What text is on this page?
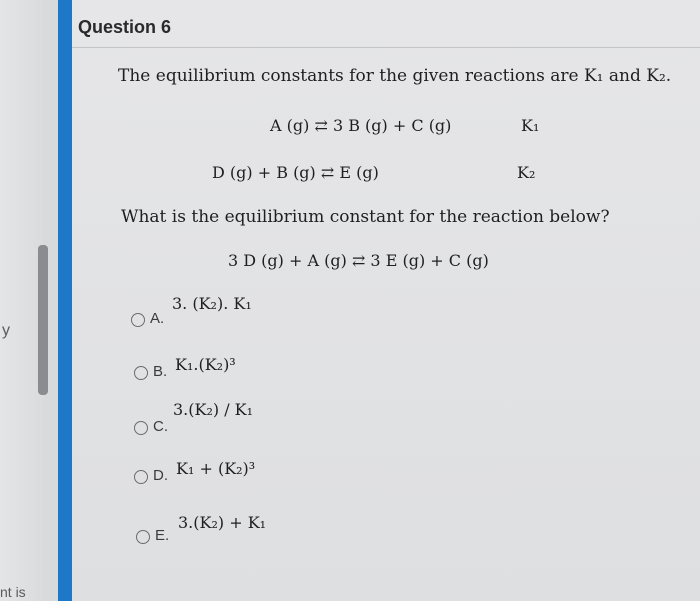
y
nt is
Question 6
The equilibrium constants for the given reactions are K₁ and K₂.
A (g) ⇄ 3 B (g) + C (g)	K₁
D (g) + B (g) ⇄ E (g)	K₂
What is the equilibrium constant for the reaction below?
3 D (g) + A (g) ⇄ 3 E (g) + C (g)
A.
3. (K₂). K₁
B. K₁.(K₂)³
C.
3.(K₂) / K₁
D. K₁ + (K₂)³
E.
3.(K₂) + K₁
